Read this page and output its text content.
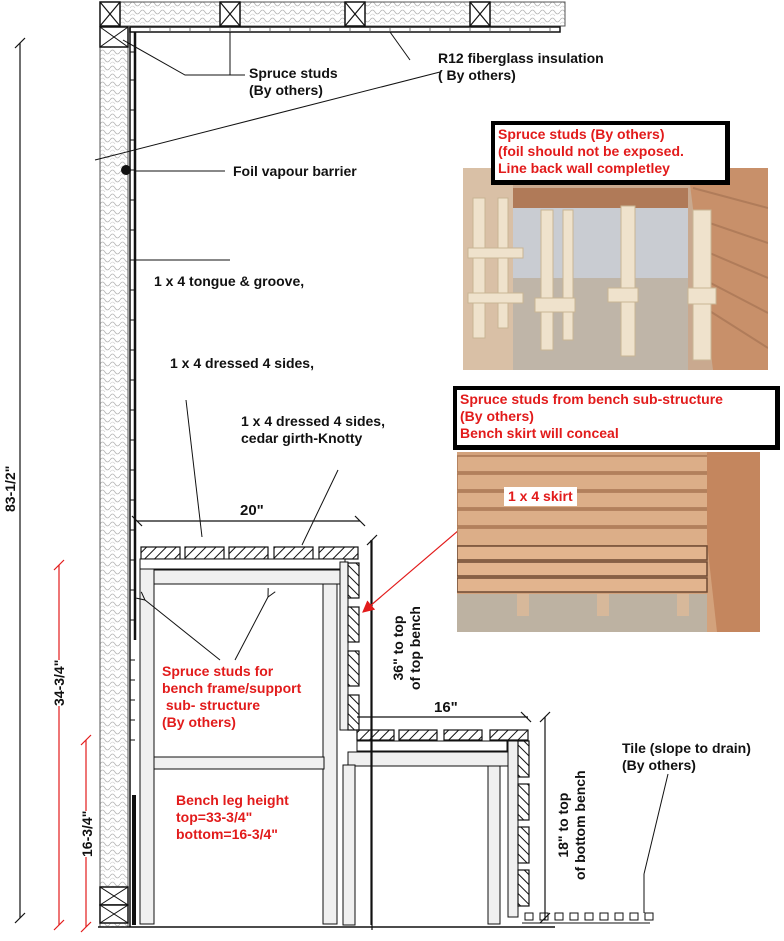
Spruce studs
(By others)
R12 fiberglass insulation
( By others)
Foil vapour barrier
1 x 4 tongue & groove,
1 x 4 dressed 4 sides,
1 x 4 dressed 4 sides,
cedar girth-Knotty
Tile (slope to drain)
(By others)
20"
16"
83-1/2"
34-3/4"
16-3/4"
36" to top of top bench
18" to top of bottom bench
Spruce studs for
bench frame/support
sub- structure
(By others)
Bench leg height
top=33-3/4"
bottom=16-3/4"
Spruce studs (By others)
(foil should not be exposed.
Line back wall completley
Spruce studs from bench sub-structure
(By others)
Bench skirt will conceal
1 x 4 skirt
